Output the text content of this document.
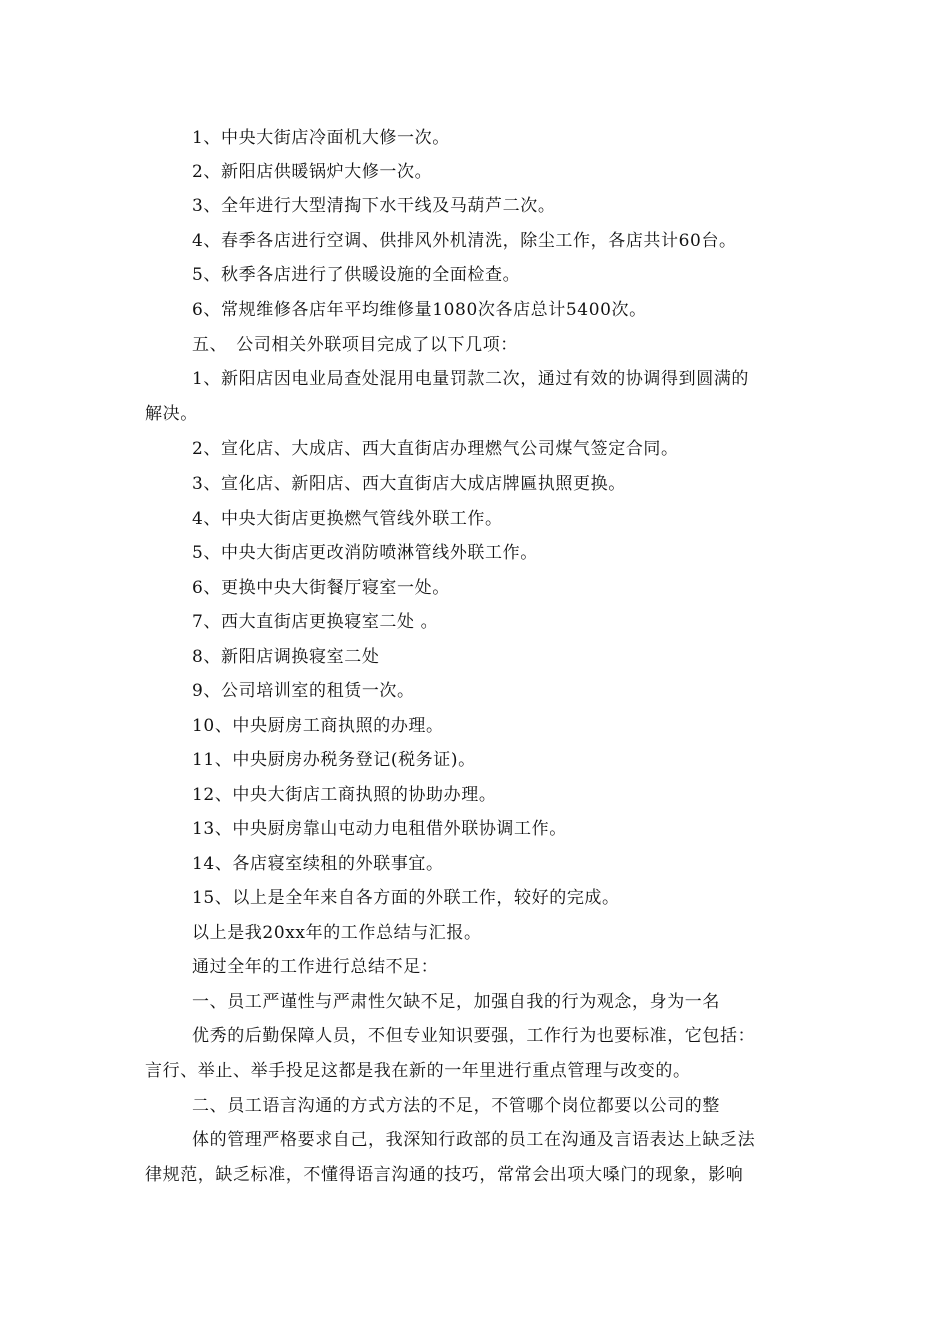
1、中央大街店冷面机大修一次。
2、新阳店供暖锅炉大修一次。
3、全年进行大型清掏下水干线及马葫芦二次。
4、春季各店进行空调、供排风外机清洗，除尘工作，各店共计60台。
5、秋季各店进行了供暖设施的全面检查。
6、常规维修各店年平均维修量1080次各店总计5400次。
五、　公司相关外联项目完成了以下几项：
1、新阳店因电业局查处混用电量罚款二次，通过有效的协调得到圆满的
解决。
2、宣化店、大成店、西大直街店办理燃气公司煤气签定合同。
3、宣化店、新阳店、西大直街店大成店牌匾执照更换。
4、中央大街店更换燃气管线外联工作。
5、中央大街店更改消防喷淋管线外联工作。
6、更换中央大街餐厅寝室一处。
7、西大直街店更换寝室二处 。
8、新阳店调换寝室二处
9、公司培训室的租赁一次。
10、中央厨房工商执照的办理。
11、中央厨房办税务登记(税务证)。
12、中央大街店工商执照的协助办理。
13、中央厨房靠山屯动力电租借外联协调工作。
14、各店寝室续租的外联事宜。
15、以上是全年来自各方面的外联工作，较好的完成。
以上是我20xx年的工作总结与汇报。
通过全年的工作进行总结不足：
一、员工严谨性与严肃性欠缺不足，加强自我的行为观念，身为一名
优秀的后勤保障人员，不但专业知识要强，工作行为也要标准，它包括：
言行、举止、举手投足这都是我在新的一年里进行重点管理与改变的。
二、员工语言沟通的方式方法的不足，不管哪个岗位都要以公司的整
体的管理严格要求自己，我深知行政部的员工在沟通及言语表达上缺乏法
律规范，缺乏标准，不懂得语言沟通的技巧，常常会出项大嗓门的现象，影响
